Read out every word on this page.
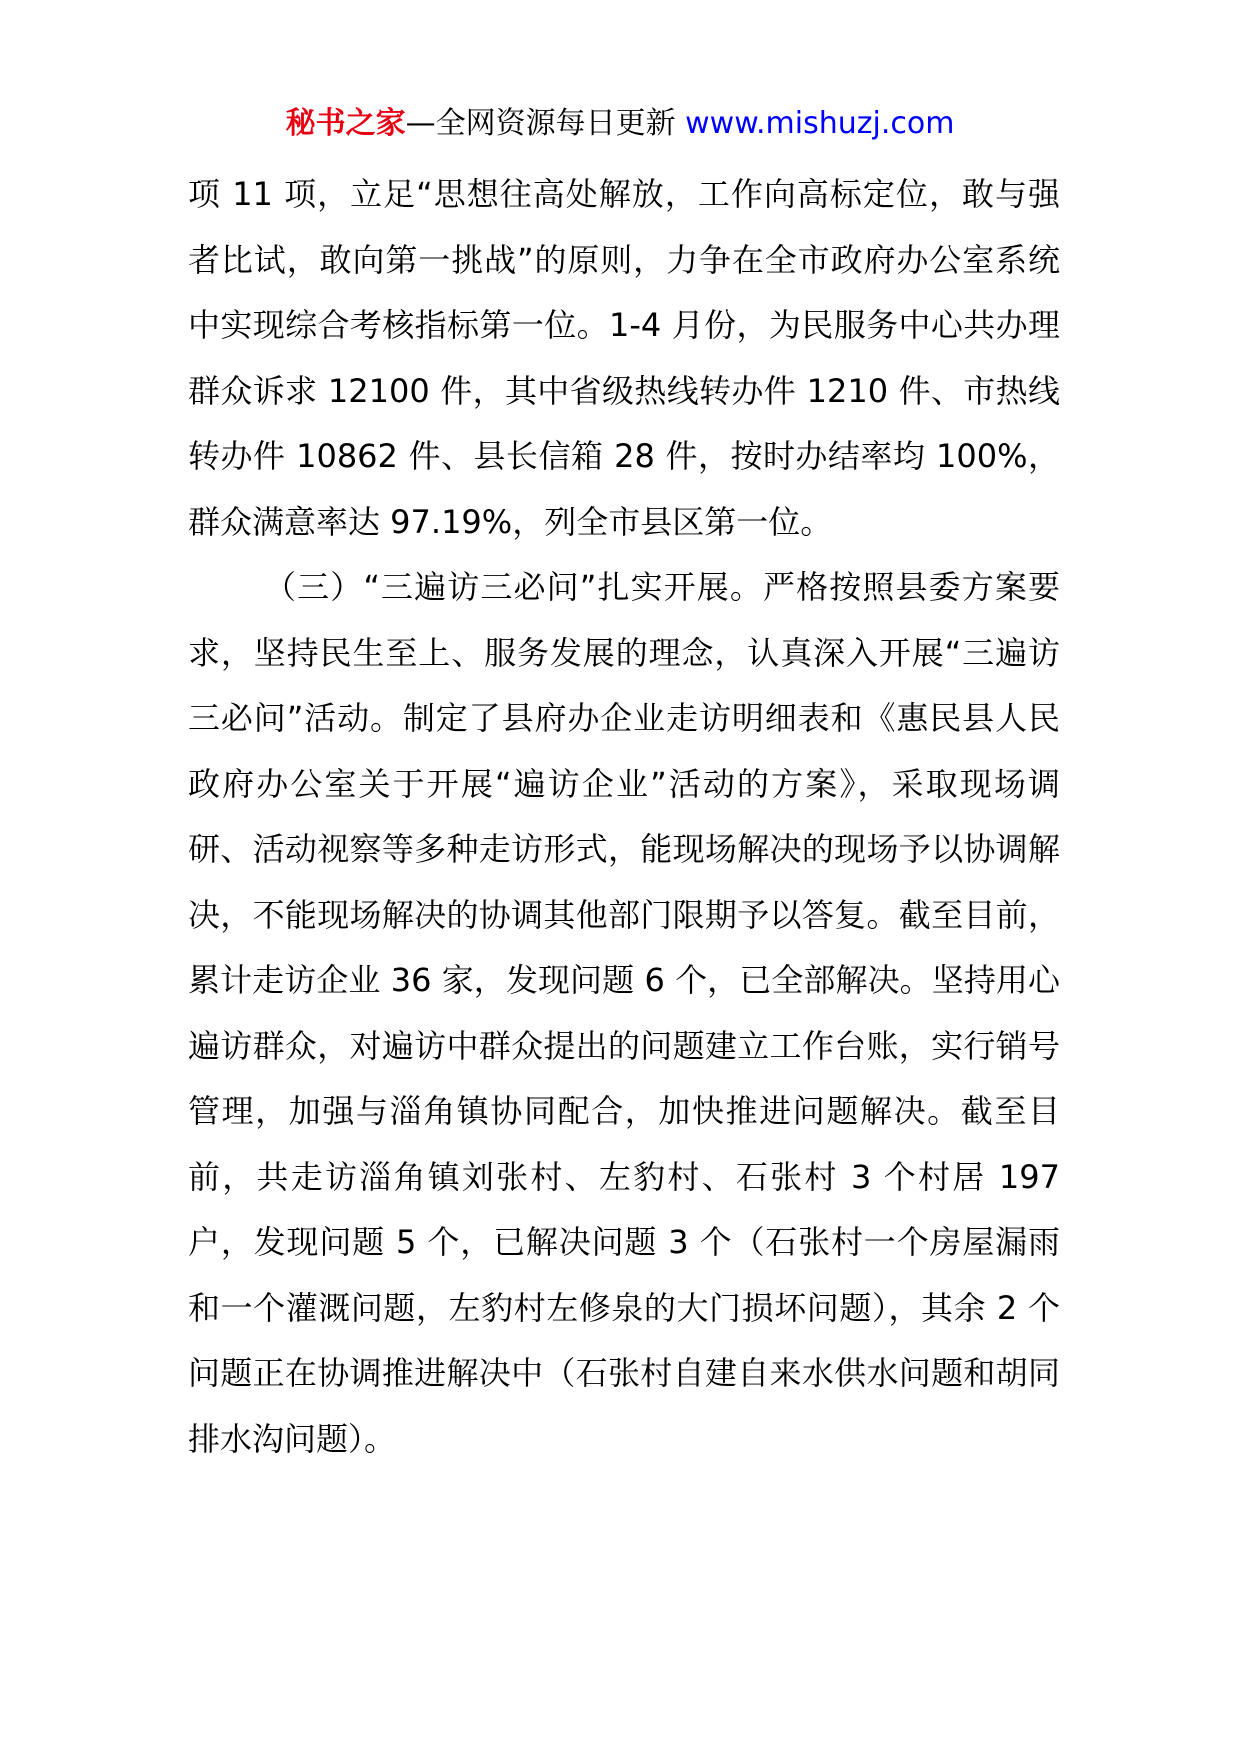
秘书之家—全网资源每日更新 www.mishuzj.com

项 11 项，立足“思想往高处解放，工作向高标定位，敢与强者比试，敢向第一挑战”的原则，力争在全市政府办公室系统中实现综合考核指标第一位。1-4 月份，为民服务中心共办理群众诉求 12100 件，其中省级热线转办件 1210 件、市热线转办件 10862 件、县长信箱 28 件，按时办结率均 100%，群众满意率达 97.19%，列全市县区第一位。

（三）“三遍访三必问”扎实开展。严格按照县委方案要求，坚持民生至上、服务发展的理念，认真深入开展“三遍访三必问”活动。制定了县府办企业走访明细表和《惠民县人民政府办公室关于开展“遍访企业”活动的方案》，采取现场调研、活动视察等多种走访形式，能现场解决的现场予以协调解决，不能现场解决的协调其他部门限期予以答复。截至目前，累计走访企业 36 家，发现问题 6 个，已全部解决。坚持用心遍访群众，对遍访中群众提出的问题建立工作台账，实行销号管理，加强与淄角镇协同配合，加快推进问题解决。截至目前，共走访淄角镇刘张村、左豹村、石张村 3 个村居 197 户，发现问题 5 个，已解决问题 3 个（石张村一个房屋漏雨和一个灌溉问题，左豹村左修泉的大门损坏问题），其余 2 个问题正在协调推进解决中（石张村自建自来水供水问题和胡同排水沟问题）。
